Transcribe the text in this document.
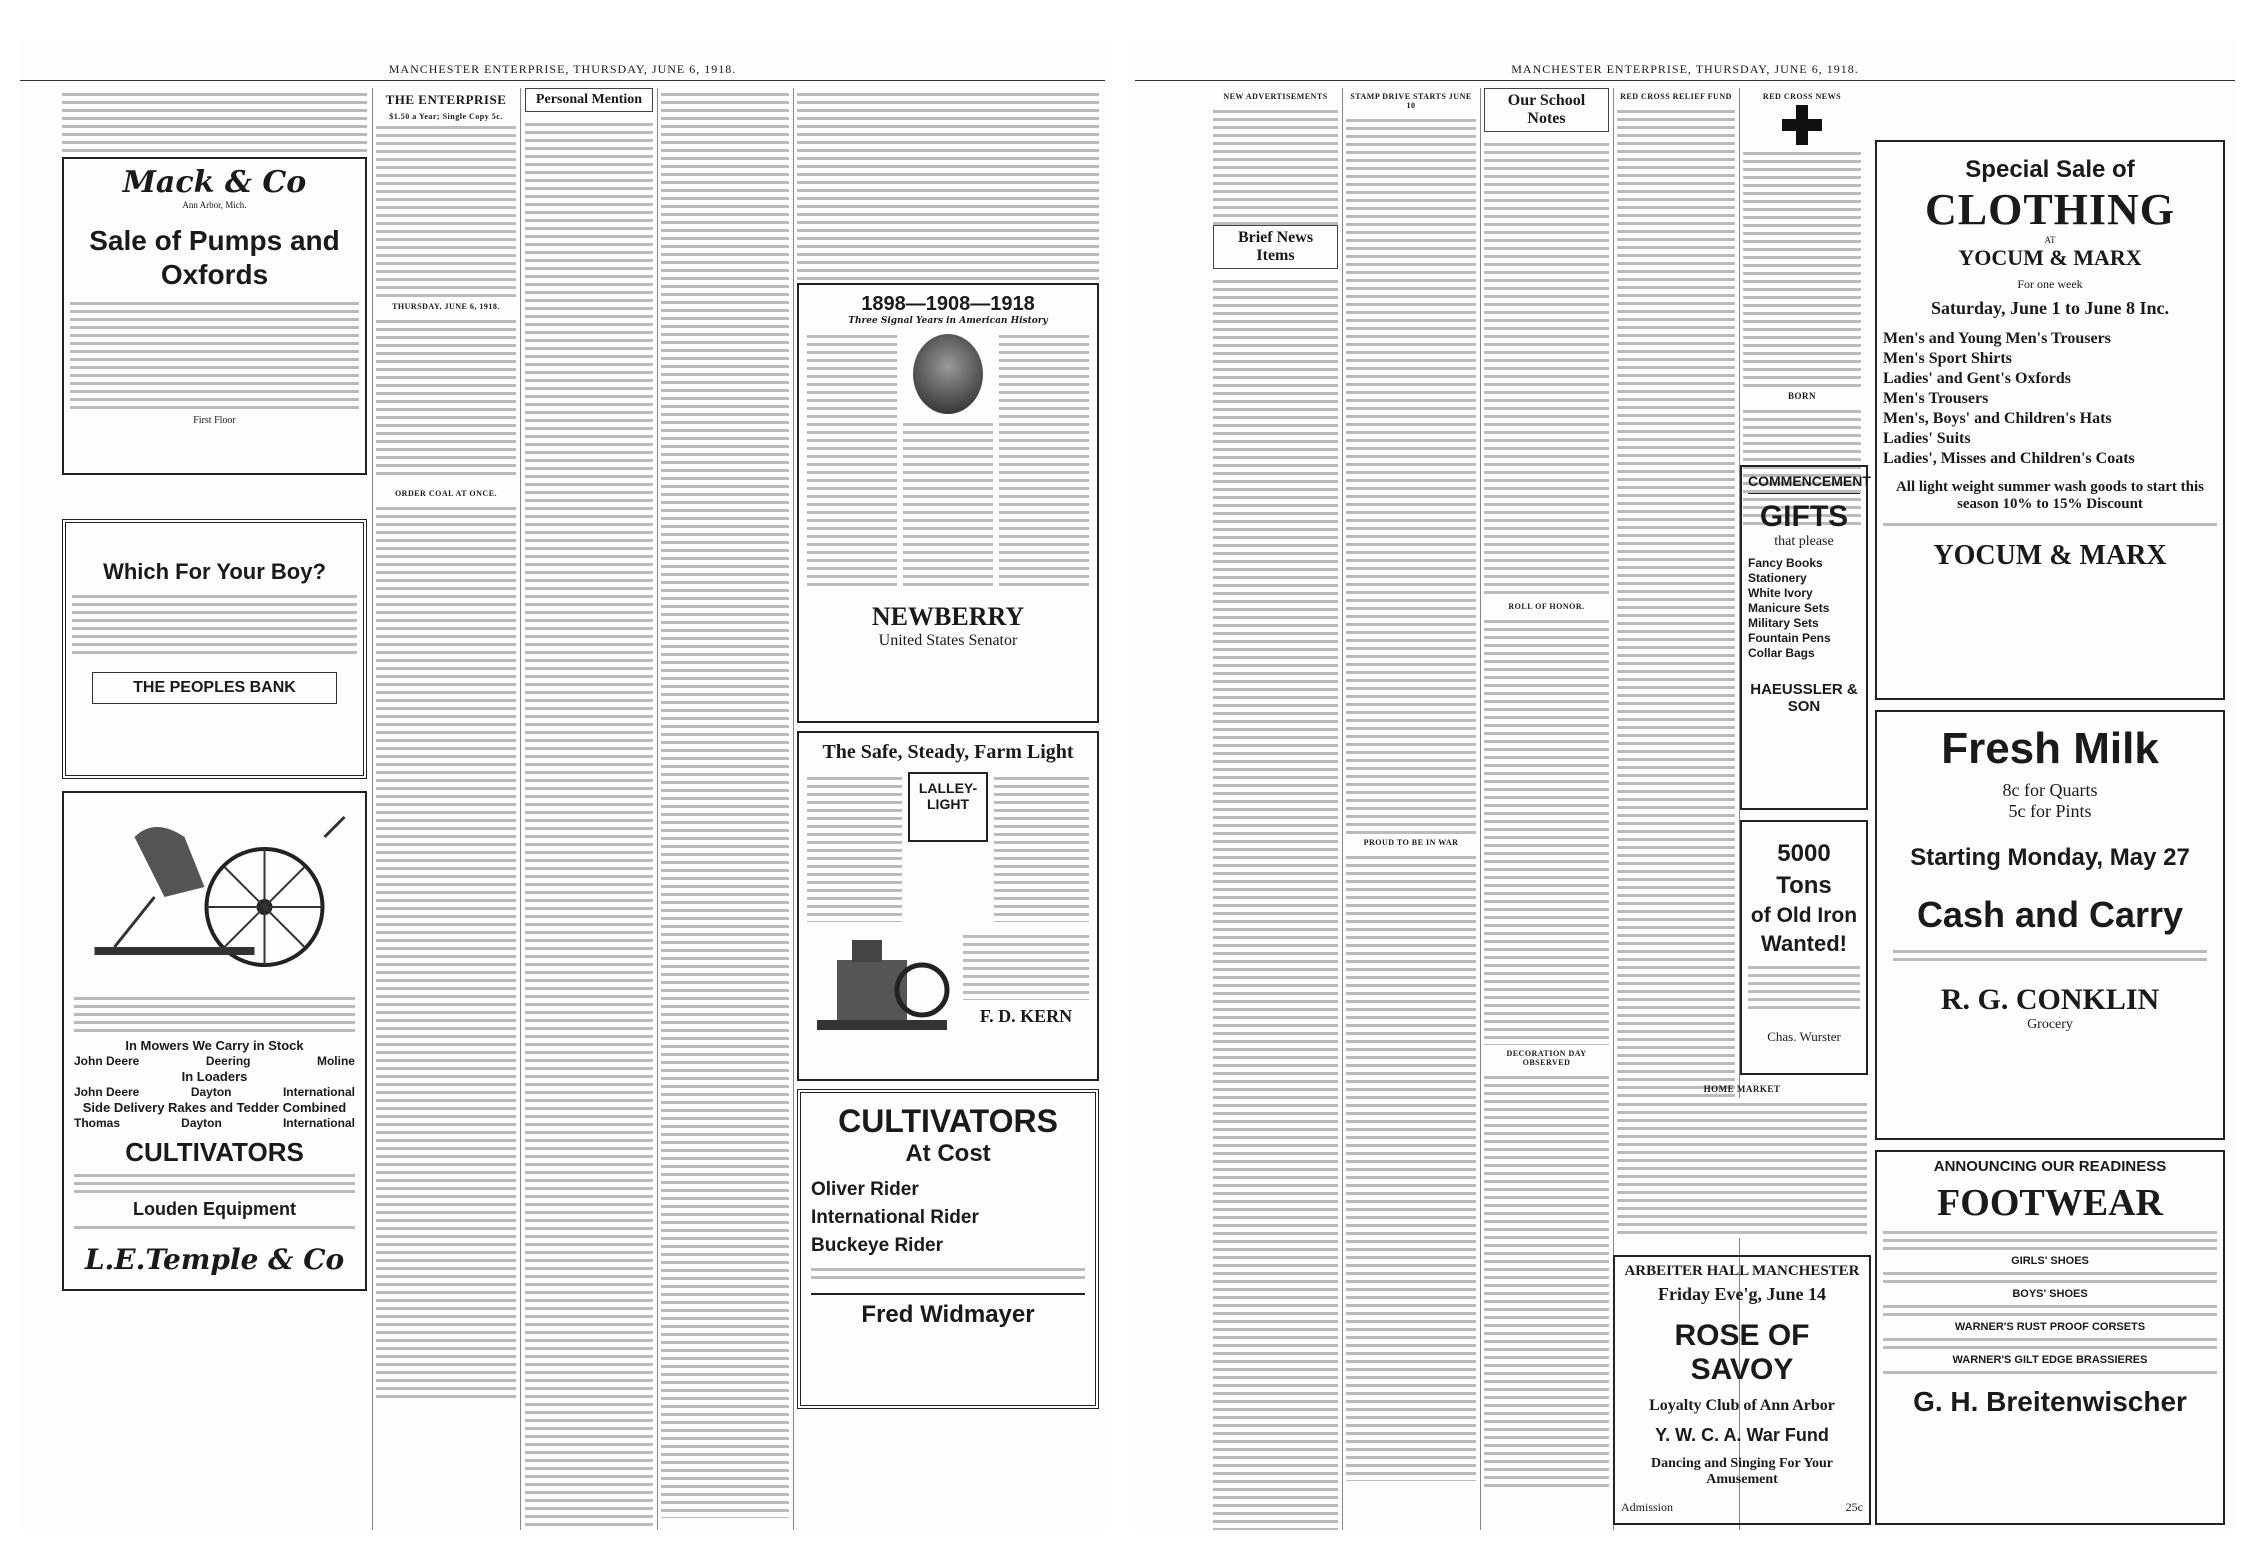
MANCHESTER ENTERPRISE, THURSDAY, JUNE 6, 1918.
Mack & Co
Ann Arbor, Mich.
Sale of Pumps and Oxfords
First Floor
Which For Your Boy?
THE PEOPLES BANK
In Mowers We Carry in Stock
John Deere	Deering	Moline
In Loaders
John Deere	Dayton	International
Side Delivery Rakes and Tedder Combined
Thomas	Dayton	International
CULTIVATORS
Louden Equipment
L.E.Temple & Co
THE ENTERPRISE
$1.50 a Year; Single Copy 5c.
THURSDAY, JUNE 6, 1918.
ORDER COAL AT ONCE.
Personal Mention
1898—1908—1918
Three Signal Years in American History
NEWBERRY
United States Senator
The Safe, Steady, Farm Light
LALLEY-LIGHT
F. D. KERN
CULTIVATORS
At Cost
Oliver Rider
International Rider
Buckeye Rider
Fred Widmayer
MANCHESTER ENTERPRISE, THURSDAY, JUNE 6, 1918.
NEW ADVERTISEMENTS
Brief News Items
STAMP DRIVE STARTS JUNE 10
PROUD TO BE IN WAR
Our School Notes
ROLL OF HONOR.
DECORATION DAY OBSERVED
RED CROSS RELIEF FUND	RED CROSS NEWS
BORN
COMMENCEMENT
GIFTS
that please
Fancy Books
Stationery
White Ivory
Manicure Sets
Military Sets
Fountain Pens
Collar Bags
HAEUSSLER & SON
5000 Tons
of Old Iron
Wanted!
Chas. Wurster
HOME MARKET
ARBEITER HALL MANCHESTER
Friday Eve'g, June 14
ROSE OF SAVOY
Loyalty Club of Ann Arbor
Y. W. C. A. War Fund
Dancing and Singing For Your Amusement
Admission	25c
Special Sale of
CLOTHING
AT
YOCUM & MARX
For one week
Saturday, June 1 to June 8 Inc.
Men's and Young Men's Trousers
Men's Sport Shirts
Ladies' and Gent's Oxfords
Men's Trousers
Men's, Boys' and Children's Hats
Ladies' Suits
Ladies', Misses and Children's Coats
All light weight summer wash goods to start this season 10% to 15% Discount
YOCUM & MARX
Fresh Milk
8c for Quarts
5c for Pints
Starting Monday, May 27
Cash and Carry
R. G. CONKLIN
Grocery
ANNOUNCING OUR READINESS
FOOTWEAR
GIRLS' SHOES
BOYS' SHOES
WARNER'S RUST PROOF CORSETS
WARNER'S GILT EDGE BRASSIERES
G. H. Breitenwischer
